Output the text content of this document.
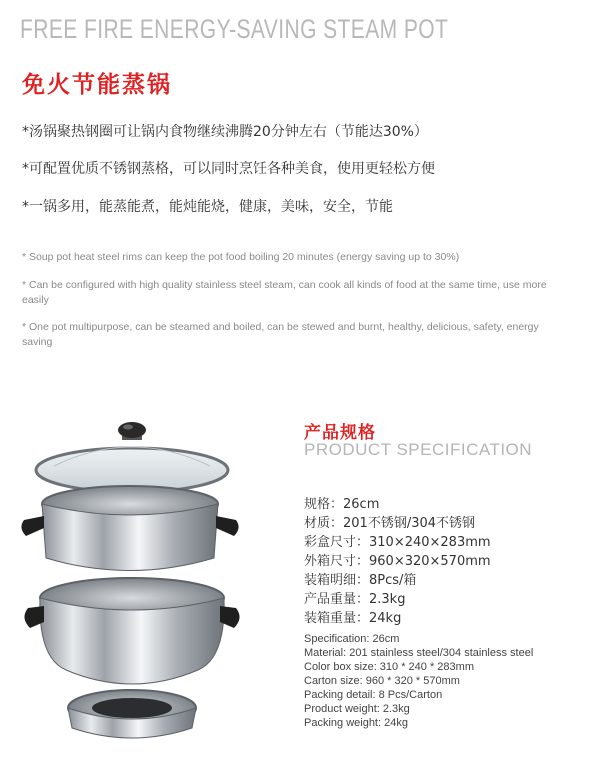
FREE FIRE ENERGY-SAVING STEAM POT
免火节能蒸锅
*汤锅聚热钢圈可让锅内食物继续沸腾20分钟左右（节能达30%）
*可配置优质不锈钢蒸格，可以同时烹饪各种美食，使用更轻松方便
*一锅多用，能蒸能煮，能炖能烧，健康，美味，安全，节能
* Soup pot heat steel rims can keep the pot food boiling 20 minutes (energy saving up to 30%)
* Can be configured with high quality stainless steel steam, can cook all kinds of food at the same time, use more easily
* One pot multipurpose, can be steamed and boiled, can be stewed and burnt, healthy, delicious, safety, energy saving
产品规格
PRODUCT SPECIFICATION
规格：26cm
材质：201不锈钢/304不锈钢
彩盒尺寸：310×240×283mm
外箱尺寸：960×320×570mm
装箱明细：8Pcs/箱
产品重量：2.3kg
装箱重量：24kg
Specification: 26cm
Material: 201 stainless steel/304 stainless steel
Color box size: 310 * 240 * 283mm
Carton size: 960 * 320 * 570mm
Packing detail: 8 Pcs/Carton
Product weight: 2.3kg
Packing weight: 24kg
